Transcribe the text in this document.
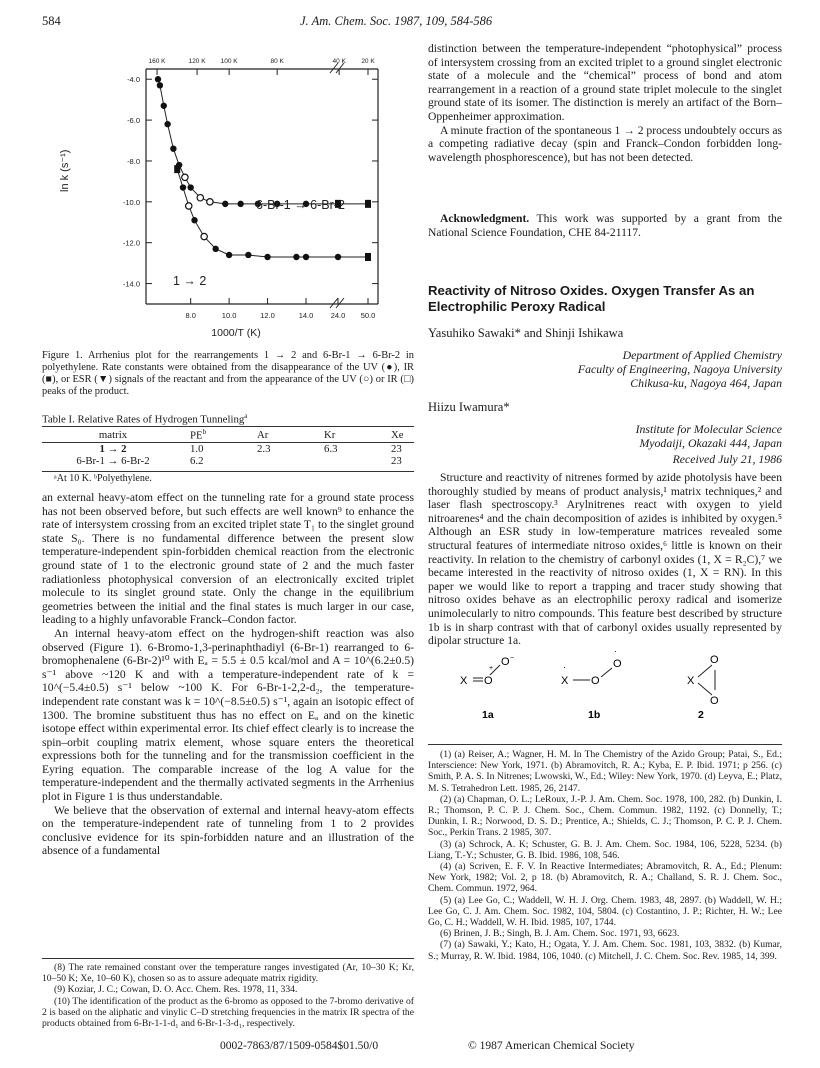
584	J. Am. Chem. Soc. 1987, 109, 584-586
160 K	120 K 100 K	80 K	40 K 20 K
-4.0
-6.0
-8.0
-10.0
-12.0
-14.0
8.0	10.0	12.0	14.0 24.0 50.0
ln k (s⁻¹)
1000/T (K)
6-Br-1 → 6-Br-2
1 → 2
Figure 1. Arrhenius plot for the rearrangements 1 → 2 and 6-Br-1 → 6-Br-2 in polyethylene. Rate constants were obtained from the disappearance of the UV (●), IR (■), or ESR (▼) signals of the reactant and from the appearance of the UV (○) or IR (□) peaks of the product.
Table I. Relative Rates of Hydrogen Tunneling$^a$
matrix	$PE^b$	Ar	Kr	Xe
1 → 2	1.0	2.3	6.3	23
6-Br-1 → 6-Br-2	6.2			23
ᵃAt 10 K. ᵇPolyethylene.

an external heavy-atom effect on the tunneling rate for a ground state process has not been observed before, but such effects are well known⁹ to enhance the rate of intersystem crossing from an excited triplet state T₁ to the singlet ground state S₀. There is no fundamental difference between the present slow temperature-independent spin-forbidden chemical reaction from the electronic ground state of 1 to the electronic ground state of 2 and the much faster radiationless photophysical conversion of an electronically excited triplet molecule to its singlet ground state. Only the change in the equilibrium geometries between the initial and the final states is much larger in our case, leading to a highly unfavorable Franck–Condon factor.

An internal heavy-atom effect on the hydrogen-shift reaction was also observed (Figure 1). 6-Bromo-1,3-perinaphthadiyl (6-Br-1) rearranged to 6-bromophenalene (6-Br-2)¹⁰ with Eₐ = 5.5 ± 0.5 kcal/mol and A = 10^(6.2±0.5) s⁻¹ above ~120 K and with a temperature-independent rate of k = 10^(−5.4±0.5) s⁻¹ below ~100 K. For 6-Br-1-2,2-d₂, the temperature-independent rate constant was k = 10^(−8.5±0.5) s⁻¹, again an isotopic effect of 1300. The bromine substituent thus has no effect on Eₐ and on the kinetic isotope effect within experimental error. Its chief effect clearly is to increase the spin–orbit coupling matrix element, whose square enters the theoretical expressions both for the tunneling and for the transmission coefficient in the Eyring equation. The comparable increase of the log A value for the temperature-independent and the thermally activated segments in the Arrhenius plot in Figure 1 is thus understandable.

We believe that the observation of external and internal heavy-atom effects on the temperature-independent rate of tunneling from 1 to 2 provides conclusive evidence for its spin-forbidden nature and an illustration of the absence of a fundamental

(8) The rate remained constant over the temperature ranges investigated (Ar, 10–30 K; Kr, 10–50 K; Xe, 10–60 K), chosen so as to assure adequate matrix rigidity.

(9) Koziar, J. C.; Cowan, D. O. Acc. Chem. Res. 1978, 11, 334.

(10) The identification of the product as the 6-bromo as opposed to the 7-bromo derivative of 2 is based on the aliphatic and vinylic C–D stretching frequencies in the matrix IR spectra of the products obtained from 6-Br-1-1-d₁ and 6-Br-1-3-d₁, respectively.

distinction between the temperature-independent “photophysical” process of intersystem crossing from an excited triplet to a ground singlet electronic state of a molecule and the “chemical” process of bond and atom rearrangement in a reaction of a ground state triplet molecule to the singlet ground state of its isomer. The distinction is merely an artifact of the Born–Oppenheimer approximation.

A minute fraction of the spontaneous 1 → 2 process undoubtely occurs as a competing radiative decay (spin and Franck–Condon forbidden long-wavelength phosphorescence), but has not been detected.

Acknowledgment. This work was supported by a grant from the National Science Foundation, CHE 84-21117.

Reactivity of Nitroso Oxides. Oxygen Transfer As an Electrophilic Peroxy Radical
Yasuhiko Sawaki* and Shinji Ishikawa
Department of Applied Chemistry
Faculty of Engineering, Nagoya University
Chikusa-ku, Nagoya 464, Japan
Hiizu Iwamura*
Institute for Molecular Science
Myodaiji, Okazaki 444, Japan
Received July 21, 1986

Structure and reactivity of nitrenes formed by azide photolysis have been thoroughly studied by means of product analysis,¹ matrix techniques,² and laser flash spectroscopy.³ Arylnitrenes react with oxygen to yield nitroarenes⁴ and the chain decomposition of azides is inhibited by oxygen.⁵ Although an ESR study in low-temperature matrices revealed some structural features of intermediate nitroso oxides,⁶ little is known on their reactivity. In relation to the chemistry of carbonyl oxides (1, X = R₂C),⁷ we became interested in the reactivity of nitroso oxides (1, X = RN). In this paper we would like to report a trapping and tracer study showing that nitroso oxides behave as an electrophilic peroxy radical and isomerize unimolecularly to nitro compounds. This feature best described by structure 1b is in sharp contrast with that of carbonyl oxides usually represented by dipolar structure 1a.

X O
+
O −
X
·
O
O
·
X
O
O
1a	1b	2

(1) (a) Reiser, A.; Wagner, H. M. In The Chemistry of the Azido Group; Patai, S., Ed.; Interscience: New York, 1971. (b) Abramovitch, R. A.; Kyba, E. P. Ibid. 1971; p 256. (c) Smith, P. A. S. In Nitrenes; Lwowski, W., Ed.; Wiley: New York, 1970. (d) Leyva, E.; Platz, M. S. Tetrahedron Lett. 1985, 26, 2147.

(2) (a) Chapman, O. L.; LeRoux, J.-P. J. Am. Chem. Soc. 1978, 100, 282. (b) Dunkin, I. R.; Thomson, P. C. P. J. Chem. Soc., Chem. Commun. 1982, 1192. (c) Donnelly, T.; Dunkin, I. R.; Norwood, D. S. D.; Prentice, A.; Shields, C. J.; Thomson, P. C. P. J. Chem. Soc., Perkin Trans. 2 1985, 307.

(3) (a) Schrock, A. K; Schuster, G. B. J. Am. Chem. Soc. 1984, 106, 5228, 5234. (b) Liang, T.-Y.; Schuster, G. B. Ibid. 1986, 108, 546.

(4) (a) Scriven, E. F. V. In Reactive Intermediates; Abramovitch, R. A., Ed.; Plenum: New York, 1982; Vol. 2, p 18. (b) Abramovitch, R. A.; Challand, S. R. J. Chem. Soc., Chem. Commun. 1972, 964.

(5) (a) Lee Go, C.; Waddell, W. H. J. Org. Chem. 1983, 48, 2897. (b) Waddell, W. H.; Lee Go, C. J. Am. Chem. Soc. 1982, 104, 5804. (c) Costantino, J. P.; Richter, H. W.; Lee Go, C. H.; Waddell, W. H. Ibid. 1985, 107, 1744.

(6) Brinen, J. B.; Singh, B. J. Am. Chem. Soc. 1971, 93, 6623.

(7) (a) Sawaki, Y.; Kato, H.; Ogata, Y. J. Am. Chem. Soc. 1981, 103, 3832. (b) Kumar, S.; Murray, R. W. Ibid. 1984, 106, 1040. (c) Mitchell, J. C. Chem. Soc. Rev. 1985, 14, 399.

0002-7863/87/1509-0584$01.50/0	© 1987 American Chemical Society
